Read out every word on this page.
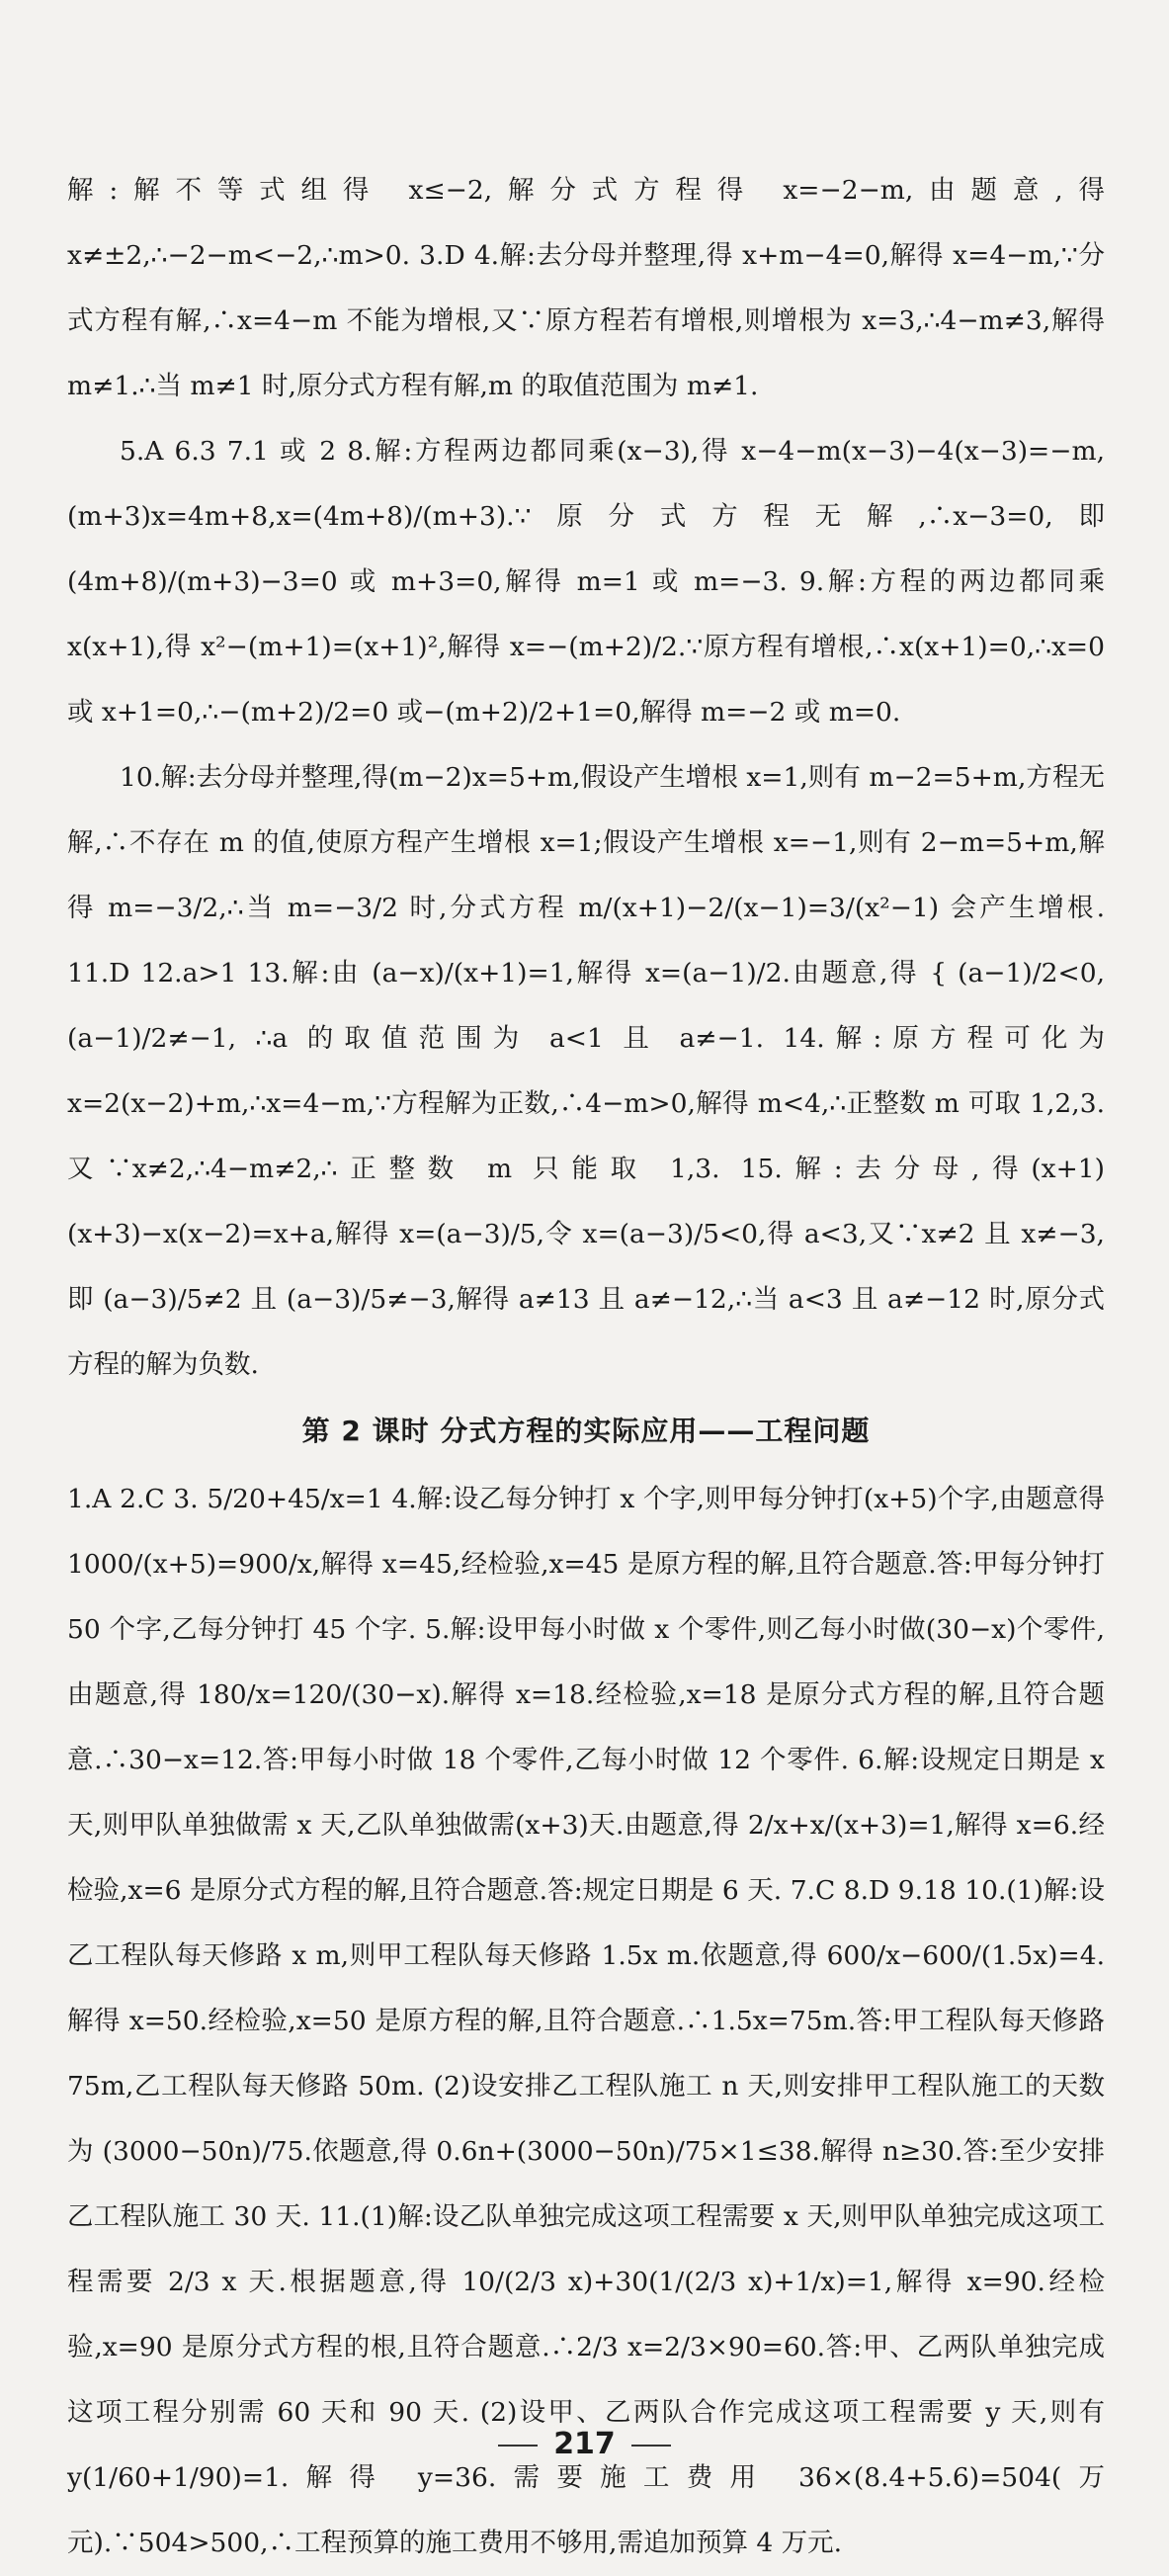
解:解不等式组得 x≤−2,解分式方程得 x=−2−m,由题意,得 x≠±2,∴−2−m<−2,∴m>0. 3.D 4.解:去分母并整理,得 x+m−4=0,解得 x=4−m,∵分式方程有解,∴x=4−m 不能为增根,又∵原方程若有增根,则增根为 x=3,∴4−m≠3,解得 m≠1.∴当 m≠1 时,原分式方程有解,m 的取值范围为 m≠1.

5.A 6.3 7.1 或 2 8.解:方程两边都同乘(x−3),得 x−4−m(x−3)−4(x−3)=−m,(m+3)x=4m+8,x=(4m+8)/(m+3).∵原分式方程无解,∴x−3=0,即 (4m+8)/(m+3)−3=0 或 m+3=0,解得 m=1 或 m=−3. 9.解:方程的两边都同乘x(x+1),得 x²−(m+1)=(x+1)²,解得 x=−(m+2)/2.∵原方程有增根,∴x(x+1)=0,∴x=0 或 x+1=0,∴−(m+2)/2=0 或−(m+2)/2+1=0,解得 m=−2 或 m=0.

10.解:去分母并整理,得(m−2)x=5+m,假设产生增根 x=1,则有 m−2=5+m,方程无解,∴不存在 m 的值,使原方程产生增根 x=1;假设产生增根 x=−1,则有 2−m=5+m,解得 m=−3/2,∴当 m=−3/2 时,分式方程 m/(x+1)−2/(x−1)=3/(x²−1) 会产生增根. 11.D 12.a>1 13.解:由 (a−x)/(x+1)=1,解得 x=(a−1)/2.由题意,得 { (a−1)/2<0, (a−1)/2≠−1, ∴a 的取值范围为 a<1 且 a≠−1. 14.解:原方程可化为 x=2(x−2)+m,∴x=4−m,∵方程解为正数,∴4−m>0,解得 m<4,∴正整数 m 可取 1,2,3.又∵x≠2,∴4−m≠2,∴正整数 m 只能取 1,3. 15.解:去分母,得(x+1)(x+3)−x(x−2)=x+a,解得 x=(a−3)/5,令 x=(a−3)/5<0,得 a<3,又∵x≠2 且 x≠−3,即 (a−3)/5≠2 且 (a−3)/5≠−3,解得 a≠13 且 a≠−12,∴当 a<3 且 a≠−12 时,原分式方程的解为负数.

第 2 课时 分式方程的实际应用——工程问题

1.A 2.C 3. 5/20+45/x=1 4.解:设乙每分钟打 x 个字,则甲每分钟打(x+5)个字,由题意得 1000/(x+5)=900/x,解得 x=45,经检验,x=45 是原方程的解,且符合题意.答:甲每分钟打 50 个字,乙每分钟打 45 个字. 5.解:设甲每小时做 x 个零件,则乙每小时做(30−x)个零件,由题意,得 180/x=120/(30−x).解得 x=18.经检验,x=18 是原分式方程的解,且符合题意.∴30−x=12.答:甲每小时做 18 个零件,乙每小时做 12 个零件. 6.解:设规定日期是 x 天,则甲队单独做需 x 天,乙队单独做需(x+3)天.由题意,得 2/x+x/(x+3)=1,解得 x=6.经检验,x=6 是原分式方程的解,且符合题意.答:规定日期是 6 天. 7.C 8.D 9.18 10.(1)解:设乙工程队每天修路 x m,则甲工程队每天修路 1.5x m.依题意,得 600/x−600/(1.5x)=4.解得 x=50.经检验,x=50 是原方程的解,且符合题意.∴1.5x=75m.答:甲工程队每天修路 75m,乙工程队每天修路 50m. (2)设安排乙工程队施工 n 天,则安排甲工程队施工的天数为 (3000−50n)/75.依题意,得 0.6n+(3000−50n)/75×1≤38.解得 n≥30.答:至少安排乙工程队施工 30 天. 11.(1)解:设乙队单独完成这项工程需要 x 天,则甲队单独完成这项工程需要 2/3 x 天.根据题意,得 10/(2/3 x)+30(1/(2/3 x)+1/x)=1,解得 x=90.经检验,x=90 是原分式方程的根,且符合题意.∴2/3 x=2/3×90=60.答:甲、乙两队单独完成这项工程分别需 60 天和 90 天. (2)设甲、乙两队合作完成这项工程需要 y 天,则有 y(1/60+1/90)=1.解得 y=36.需要施工费用 36×(8.4+5.6)=504(万元).∵504>500,∴工程预算的施工费用不够用,需追加预算 4 万元.

217
